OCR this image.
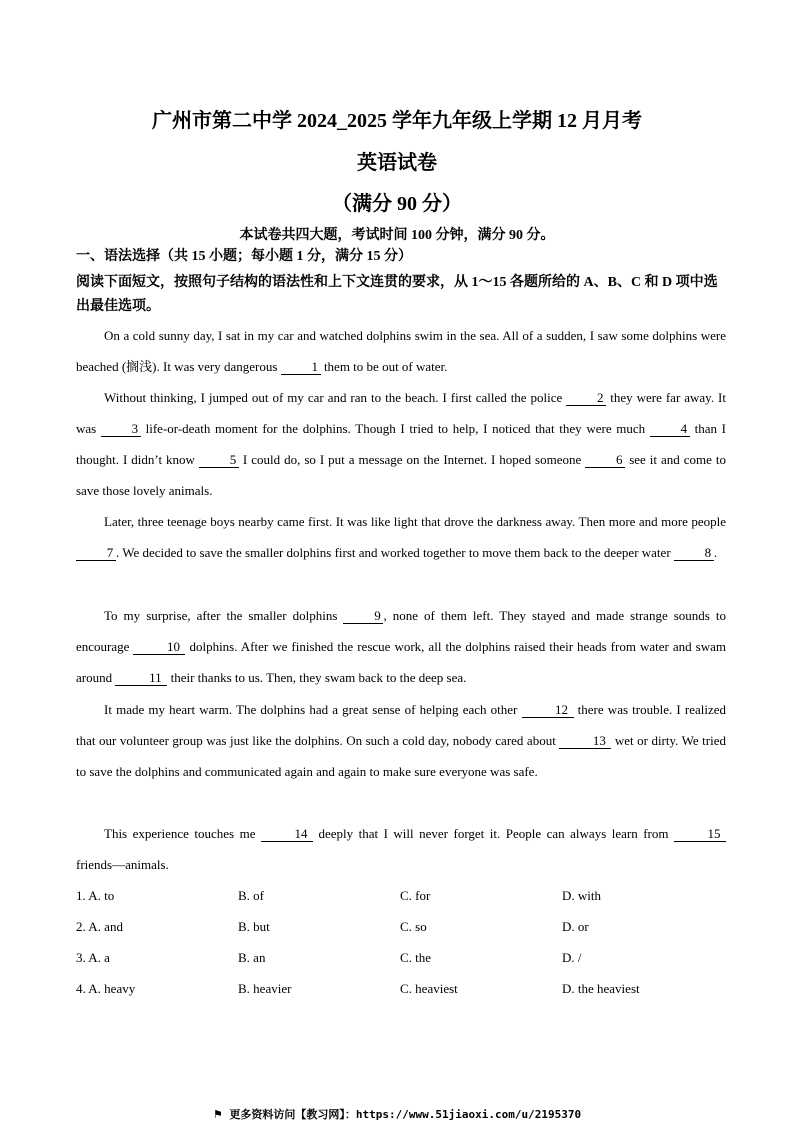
广州市第二中学 2024_2025 学年九年级上学期 12 月月考
英语试卷
（满分 90 分）
本试卷共四大题，考试时间 100 分钟，满分 90 分。
一、语法选择（共 15 小题；每小题 1 分，满分 15 分）
阅读下面短文，按照句子结构的语法性和上下文连贯的要求，从 1～15 各题所给的 A、B、C 和 D 项中选出最佳选项。
On a cold sunny day, I sat in my car and watched dolphins swim in the sea. All of a sudden, I saw some dolphins were beached (搁浅). It was very dangerous 1 them to be out of water.
Without thinking, I jumped out of my car and ran to the beach. I first called the police 2 they were far away. It was 3 life-or-death moment for the dolphins. Though I tried to help, I noticed that they were much 4 than I thought. I didn’t know 5 I could do, so I put a message on the Internet. I hoped someone 6 see it and come to save those lovely animals.
Later, three teenage boys nearby came first. It was like light that drove the darkness away. Then more and more people 7 . We decided to save the smaller dolphins first and worked together to move them back to the deeper water 8 .
To my surprise, after the smaller dolphins 9 , none of them left. They stayed and made strange sounds to encourage	10 dolphins. After we finished the rescue work, all the dolphins raised their heads from water and swam around	11 their thanks to us. Then, they swam back to the deep sea.
It made my heart warm. The dolphins had a great sense of helping each other	12 there was trouble. I realized that our volunteer group was just like the dolphins. On such a cold day, nobody cared about	13 wet or dirty. We tried to save the dolphins and communicated again and again to make sure everyone was safe.
This experience touches me	14 deeply that I will never forget it. People can always learn from	15 friends—animals.
1. A. to	B. of	C. for	D. with
2. A. and	B. but	C. so	D. or
3. A. a	B. an	C. the	D. /
4. A. heavy	B. heavier	C. heaviest	D. the heaviest
⚑ 更多资料访问【教习网】：https://www.51jiaoxi.com/u/2195370
